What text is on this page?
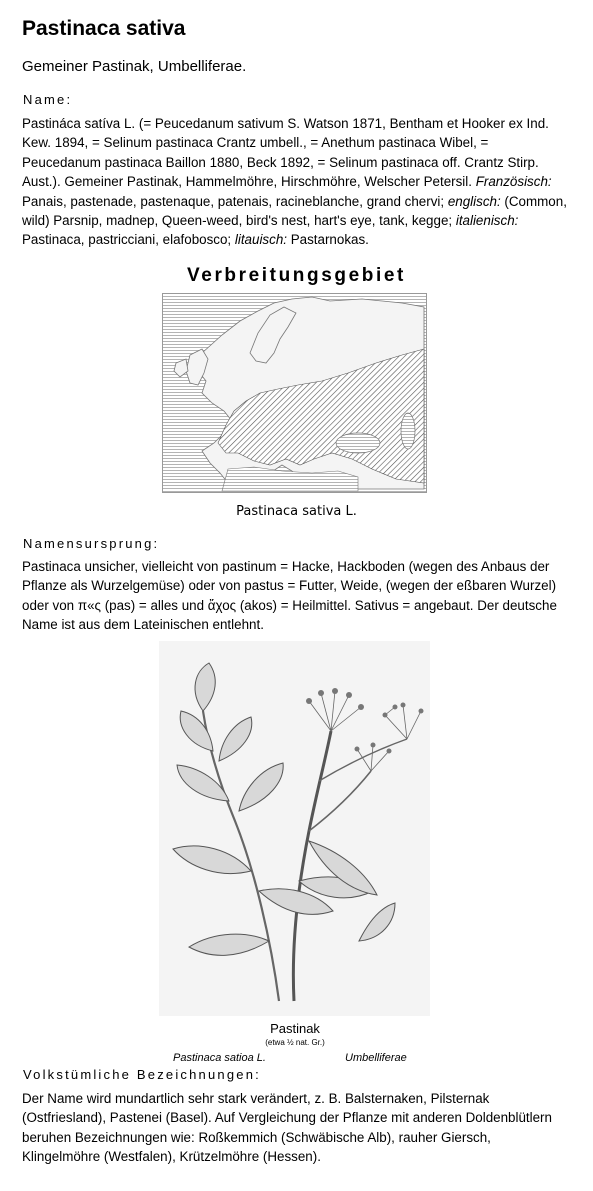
Pastinaca sativa
Gemeiner Pastinak, Umbelliferae.
Name:
Pastináca satíva L. (= Peucedanum sativum S. Watson 1871, Bentham et Hooker ex Ind. Kew. 1894, = Selinum pastinaca Crantz umbell., = Anethum pastinaca Wibel, = Peucedanum pastinaca Baillon 1880, Beck 1892, = Selinum pastinaca off. Crantz Stirp. Aust.). Gemeiner Pastinak, Hammelmöhre, Hirschmöhre, Welscher Petersil. Französisch: Panais, pastenade, pastenaque, patenais, racineblanche, grand chervi; englisch: (Common, wild) Parsnip, madnep, Queen-weed, bird's nest, hart's eye, tank, kegge; italienisch: Pastinaca, pastricciani, elafobosco; litauisch: Pastarnokas.
Verbreitungsgebiet
Pastinaca sativa L.
Namensursprung:
Pastinaca unsicher, vielleicht von pastinum = Hacke, Hackboden (wegen des Anbaus der Pflanze als Wurzelgemüse) oder von pastus = Futter, Weide, (wegen der eßbaren Wurzel) oder von π«ς (pas) = alles und ἄχος (akos) = Heilmittel. Sativus = angebaut. Der deutsche Name ist aus dem Lateinischen entlehnt.
Pastinak
(etwa ½ nat. Gr.)
Pastinaca satioa L.	Umbelliferae
Volkstümliche Bezeichnungen:
Der Name wird mundartlich sehr stark verändert, z. B. Balsternaken, Pilsternak (Ostfriesland), Pastenei (Basel). Auf Vergleichung der Pflanze mit anderen Doldenblütlern beruhen Bezeichnungen wie: Roßkemmich (Schwäbische Alb), rauher Giersch, Klingelmöhre (Westfalen), Krützelmöhre (Hessen).
